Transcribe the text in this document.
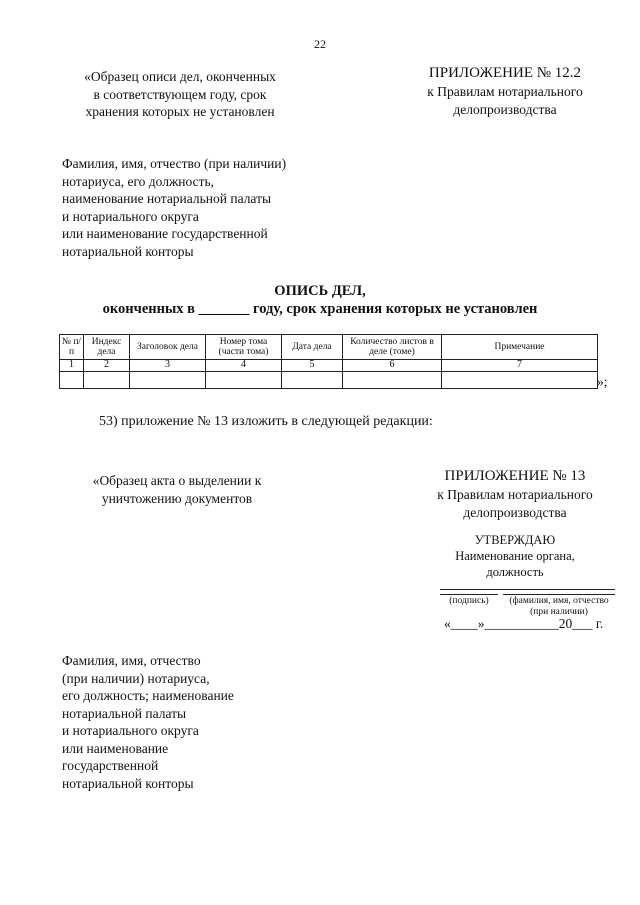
22
«Образец описи дел, оконченных
в соответствующем году, срок
хранения которых не установлен
ПРИЛОЖЕНИЕ № 12.2
к Правилам нотариального
делопроизводства
Фамилия, имя, отчество (при наличии)
нотариуса, его должность,
наименование нотариальной палаты
и нотариального округа
или наименование государственной
нотариальной конторы
ОПИСЬ ДЕЛ,
оконченных в _______ году, срок хранения которых не установлен
№ п/п	Индекс дела	Заголовок дела	Номер тома (части тома)	Дата дела	Количество листов в деле (томе)	Примечание
1	2	3	4	5	6	7

»;
53) приложение № 13 изложить в следующей редакции:
«Образец акта о выделении к
уничтожению документов
ПРИЛОЖЕНИЕ № 13
к Правилам нотариального
делопроизводства
УТВЕРЖДАЮ
Наименование органа,
должность
(подпись)	(фамилия, имя, отчество
(при наличии)
«____»___________20___ г.
Фамилия, имя, отчество
(при наличии) нотариуса,
его должность; наименование
нотариальной палаты
и нотариального округа
или наименование
государственной
нотариальной конторы
